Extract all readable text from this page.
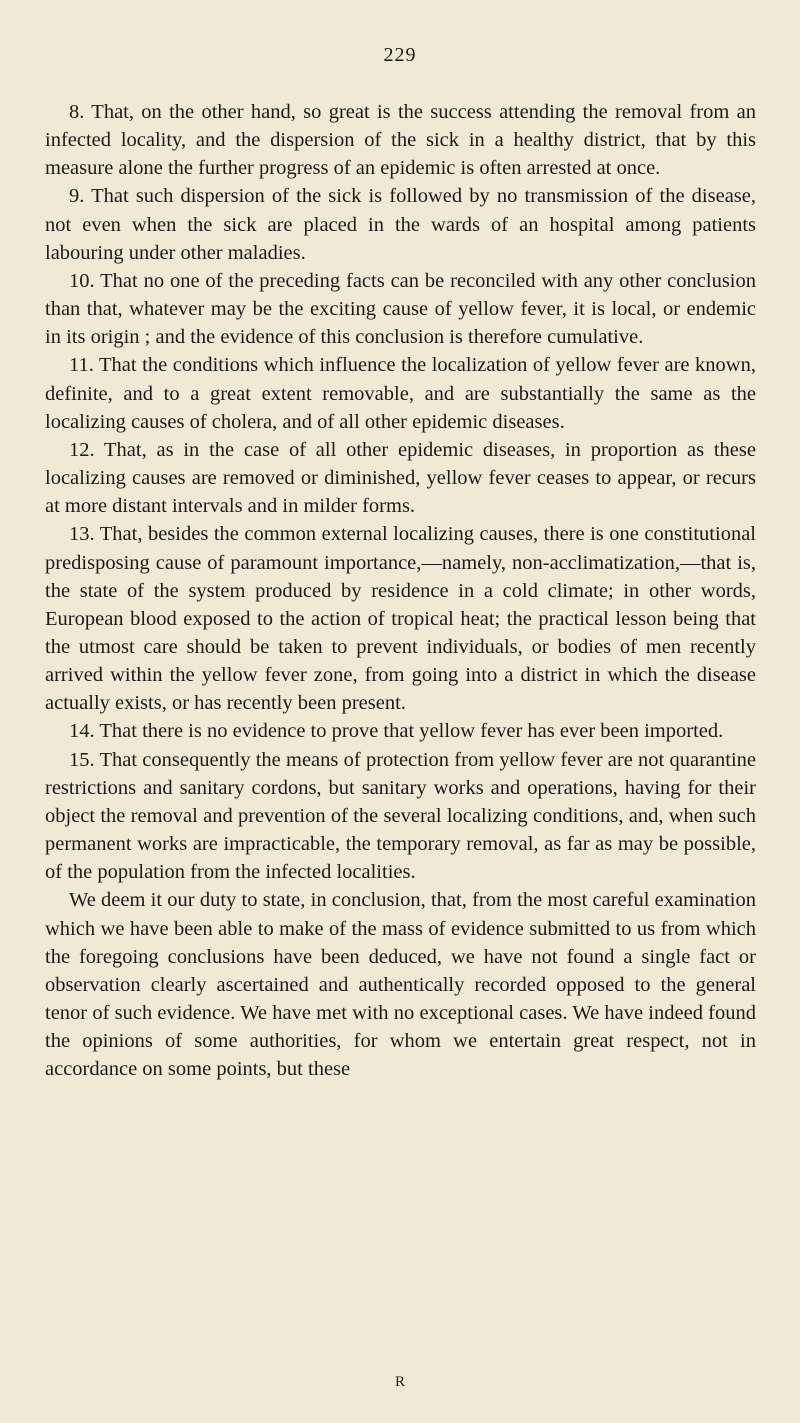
229

8. That, on the other hand, so great is the success attending the removal from an infected locality, and the dispersion of the sick in a healthy district, that by this measure alone the further progress of an epidemic is often arrested at once.

9. That such dispersion of the sick is followed by no transmission of the disease, not even when the sick are placed in the wards of an hospital among patients labouring under other maladies.

10. That no one of the preceding facts can be reconciled with any other conclusion than that, whatever may be the exciting cause of yellow fever, it is local, or endemic in its origin ; and the evidence of this conclusion is therefore cumulative.

11. That the conditions which influence the localization of yellow fever are known, definite, and to a great extent removable, and are substantially the same as the localizing causes of cholera, and of all other epidemic diseases.

12. That, as in the case of all other epidemic diseases, in proportion as these localizing causes are removed or diminished, yellow fever ceases to appear, or recurs at more distant intervals and in milder forms.

13. That, besides the common external localizing causes, there is one constitutional predisposing cause of paramount importance,—namely, non-acclimatization,—that is, the state of the system produced by residence in a cold climate; in other words, European blood exposed to the action of tropical heat; the practical lesson being that the utmost care should be taken to prevent individuals, or bodies of men recently arrived within the yellow fever zone, from going into a district in which the disease actually exists, or has recently been present.

14. That there is no evidence to prove that yellow fever has ever been imported.

15. That consequently the means of protection from yellow fever are not quarantine restrictions and sanitary cordons, but sanitary works and operations, having for their object the removal and prevention of the several localizing conditions, and, when such permanent works are impracticable, the temporary removal, as far as may be possible, of the population from the infected localities.

We deem it our duty to state, in conclusion, that, from the most careful examination which we have been able to make of the mass of evidence submitted to us from which the foregoing conclusions have been deduced, we have not found a single fact or observation clearly ascertained and authentically recorded opposed to the general tenor of such evidence. We have met with no exceptional cases. We have indeed found the opinions of some authorities, for whom we entertain great respect, not in accordance on some points, but these

R
